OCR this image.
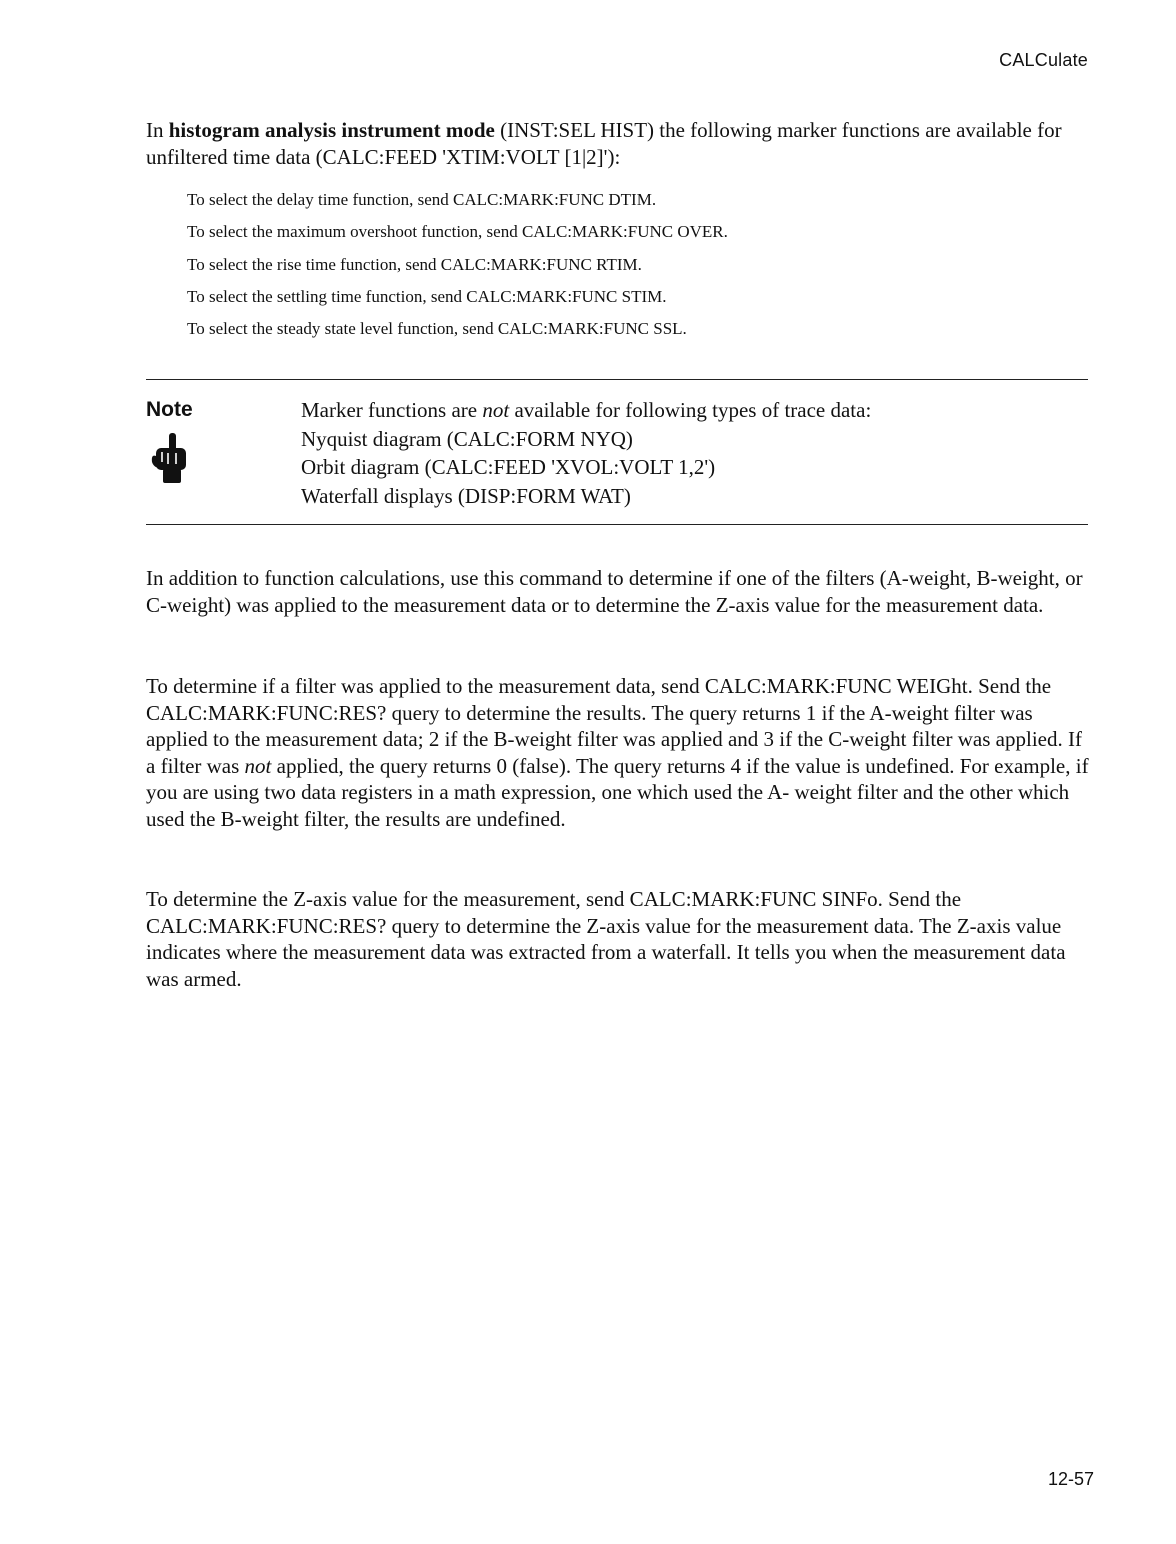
CALCulate
In histogram analysis instrument mode (INST:SEL HIST) the following marker functions are available for unfiltered time data (CALC:FEED 'XTIM:VOLT [1|2]'):
To select the delay time function, send CALC:MARK:FUNC DTIM.
To select the maximum overshoot function, send CALC:MARK:FUNC OVER.
To select the rise time function, send CALC:MARK:FUNC RTIM.
To select the settling time function, send CALC:MARK:FUNC STIM.
To select the steady state level function, send CALC:MARK:FUNC SSL.
Note	Marker functions are not available for following types of trace data:
Nyquist diagram (CALC:FORM NYQ)
Orbit diagram (CALC:FEED 'XVOL:VOLT 1,2')
Waterfall displays (DISP:FORM WAT)
In addition to function calculations, use this command to determine if one of the filters (A-weight, B-weight, or C-weight) was applied to the measurement data or to determine the Z-axis value for the measurement data.
To determine if a filter was applied to the measurement data, send CALC:MARK:FUNC WEIGht. Send the CALC:MARK:FUNC:RES? query to determine the results. The query returns 1 if the A-weight filter was applied to the measurement data; 2 if the B-weight filter was applied and 3 if the C-weight filter was applied. If a filter was not applied, the query returns 0 (false). The query returns 4 if the value is undefined. For example, if you are using two data registers in a math expression, one which used the A- weight filter and the other which used the B-weight filter, the results are undefined.
To determine the Z-axis value for the measurement, send CALC:MARK:FUNC SINFo. Send the CALC:MARK:FUNC:RES? query to determine the Z-axis value for the measurement data. The Z-axis value indicates where the measurement data was extracted from a waterfall. It tells you when the measurement data was armed.
12-57
